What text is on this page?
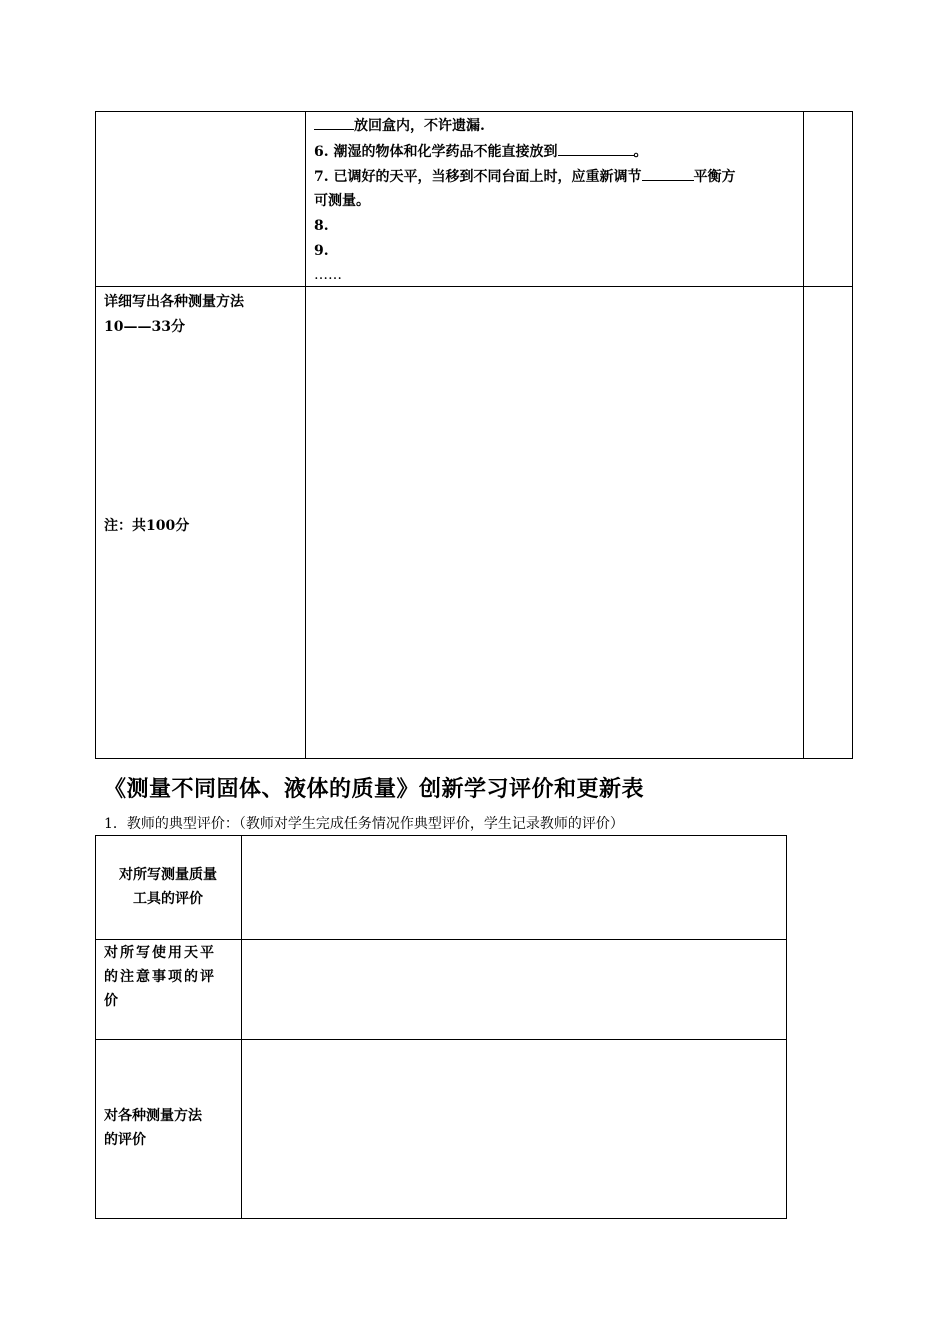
放回盒内，不许遗漏.
6. 潮湿的物体和化学药品不能直接放到	。
7. 已调好的天平，当移到不同台面上时，应重新调节	平衡方
可测量。
8.
9.
……
详细写出各种测量方法
10——33分
注：共100分
《测量不同固体、液体的质量》创新学习评价和更新表
1．教师的典型评价：（教师对学生完成任务情况作典型评价，学生记录教师的评价）
对所写测量质量
工具的评价
对所写使用天平
的注意事项的评
价
对各种测量方法
的评价
